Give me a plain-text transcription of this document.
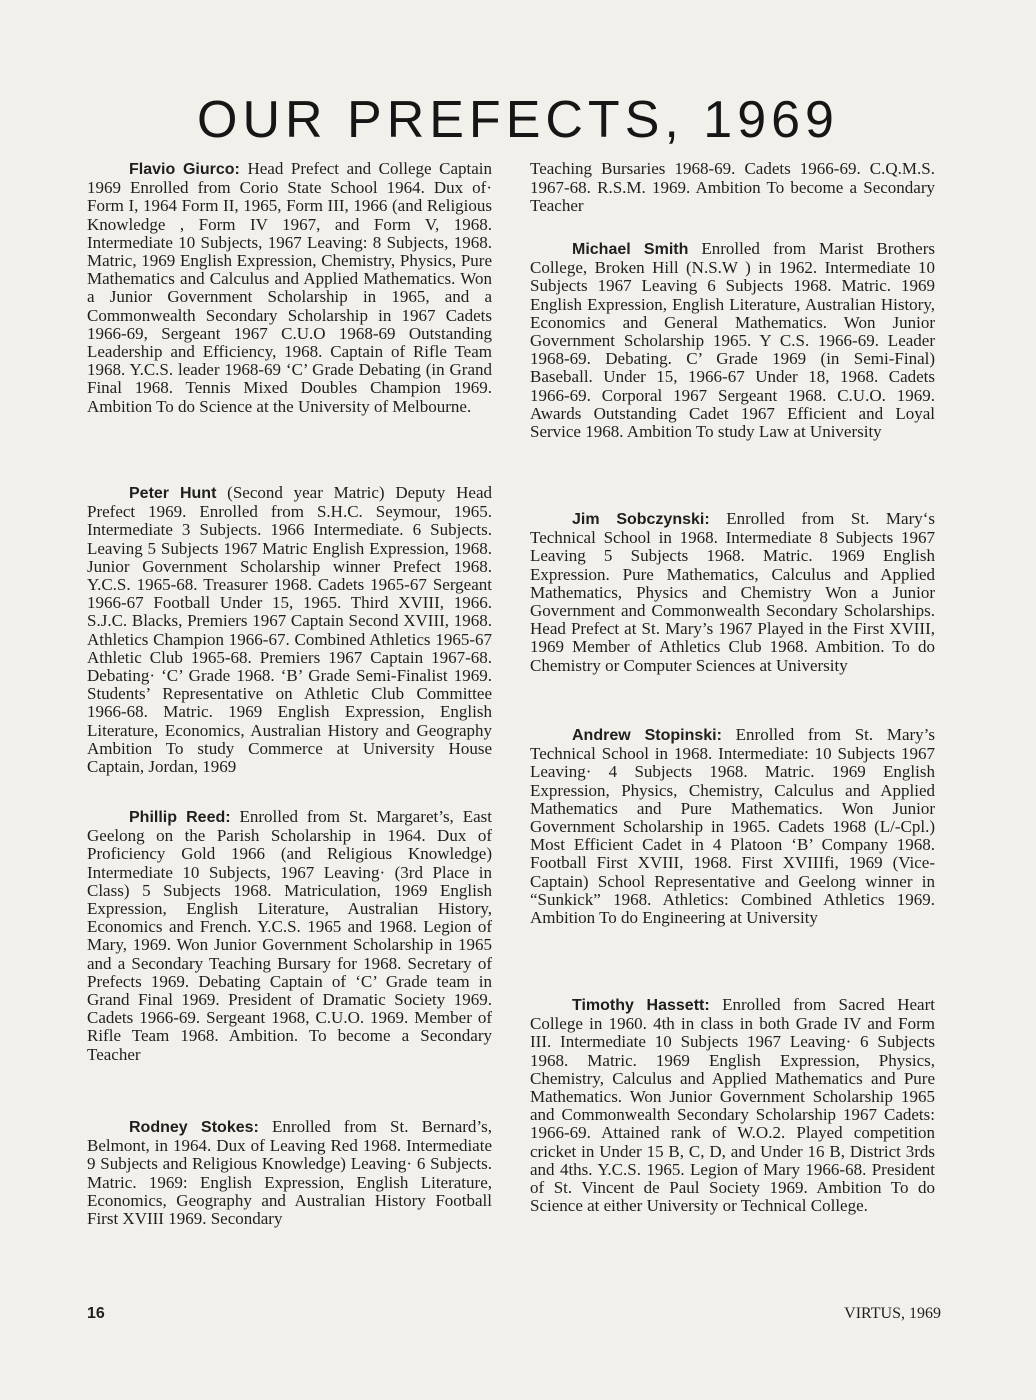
OUR PREFECTS, 1969

Flavio Giurco: Head Prefect and College Captain 1969 Enrolled from Corio State School 1964. Dux of· Form I, 1964 Form II, 1965, Form III, 1966 (and Religious Knowledge , Form IV 1967, and Form V, 1968. Intermediate 10 Subjects, 1967 Leaving: 8 Subjects, 1968. Matric, 1969 English Expression, Chemistry, Physics, Pure Mathematics and Calculus and Applied Mathematics. Won a Junior Government Scholarship in 1965, and a Commonwealth Secondary Scholarship in 1967 Cadets 1966-69, Sergeant 1967 C.U.O 1968-69 Outstanding Leadership and Efficiency, 1968. Captain of Rifle Team 1968. Y.C.S. leader 1968-69 ‘C’ Grade Debating (in Grand Final 1968. Tennis Mixed Doubles Champion 1969. Ambition To do Science at the University of Melbourne.

Peter Hunt (Second year Matric) Deputy Head Prefect 1969. Enrolled from S.H.C. Seymour, 1965. Intermediate 3 Subjects. 1966 Intermediate. 6 Subjects. Leaving 5 Subjects 1967 Matric English Expression, 1968. Junior Government Scholarship winner Prefect 1968. Y.C.S. 1965-68. Treasurer 1968. Cadets 1965-67 Sergeant 1966-67 Football Under 15, 1965. Third XVIII, 1966. S.J.C. Blacks, Premiers 1967 Captain Second XVIII, 1968. Athletics Champion 1966-67. Combined Athletics 1965-67 Athletic Club 1965-68. Premiers 1967 Captain 1967-68. Debating· ‘C’ Grade 1968. ‘B’ Grade Semi-Finalist 1969. Students’ Representative on Athletic Club Committee 1966-68. Matric. 1969 English Expression, English Literature, Economics, Australian History and Geography Ambition To study Commerce at University House Captain, Jordan, 1969

Phillip Reed: Enrolled from St. Margaret’s, East Geelong on the Parish Scholarship in 1964. Dux of Proficiency Gold 1966 (and Religious Knowledge) Intermediate 10 Subjects, 1967 Leaving· (3rd Place in Class) 5 Subjects 1968. Matriculation, 1969 English Expression, English Literature, Australian History, Economics and French. Y.C.S. 1965 and 1968. Legion of Mary, 1969. Won Junior Government Scholarship in 1965 and a Secondary Teaching Bursary for 1968. Secretary of Prefects 1969. Debating Captain of ‘C’ Grade team in Grand Final 1969. President of Dramatic Society 1969. Cadets 1966-69. Sergeant 1968, C.U.O. 1969. Member of Rifle Team 1968. Ambition. To become a Secondary Teacher

Rodney Stokes: Enrolled from St. Bernard’s, Belmont, in 1964. Dux of Leaving Red 1968. Intermediate 9 Subjects and Religious Knowledge) Leaving· 6 Subjects. Matric. 1969: English Expression, English Literature, Economics, Geography and Australian History Football First XVIII 1969. Secondary

Teaching Bursaries 1968-69. Cadets 1966-69. C.Q.M.S. 1967-68. R.S.M. 1969. Ambition To become a Secondary Teacher

Michael Smith Enrolled from Marist Brothers College, Broken Hill (N.S.W ) in 1962. Intermediate 10 Subjects 1967 Leaving 6 Subjects 1968. Matric. 1969 English Expression, English Literature, Australian History, Economics and General Mathematics. Won Junior Government Scholarship 1965. Y C.S. 1966-69. Leader 1968-69. Debating. C’ Grade 1969 (in Semi-Final) Baseball. Under 15, 1966-67 Under 18, 1968. Cadets 1966-69. Corporal 1967 Sergeant 1968. C.U.O. 1969. Awards Outstanding Cadet 1967 Efficient and Loyal Service 1968. Ambition To study Law at University

Jim Sobczynski: Enrolled from St. Mary‘s Technical School in 1968. Intermediate 8 Subjects 1967 Leaving 5 Subjects 1968. Matric. 1969 English Expression. Pure Mathematics, Calculus and Applied Mathematics, Physics and Chemistry Won a Junior Government and Commonwealth Secondary Scholarships. Head Prefect at St. Mary’s 1967 Played in the First XVIII, 1969 Member of Athletics Club 1968. Ambition. To do Chemistry or Computer Sciences at University

Andrew Stopinski: Enrolled from St. Mary’s Technical School in 1968. Intermediate: 10 Subjects 1967 Leaving· 4 Subjects 1968. Matric. 1969 English Expression, Physics, Chemistry, Calculus and Applied Mathematics and Pure Mathematics. Won Junior Government Scholarship in 1965. Cadets 1968 (L/-Cpl.) Most Efficient Cadet in 4 Platoon ‘B’ Company 1968. Football First XVIII, 1968. First XVIIIfi, 1969 (Vice-Captain) School Representative and Geelong winner in “Sunkick” 1968. Athletics: Combined Athletics 1969. Ambition To do Engineering at University

Timothy Hassett: Enrolled from Sacred Heart College in 1960. 4th in class in both Grade IV and Form III. Intermediate 10 Subjects 1967 Leaving· 6 Subjects 1968. Matric. 1969 English Expression, Physics, Chemistry, Calculus and Applied Mathematics and Pure Mathematics. Won Junior Government Scholarship 1965 and Commonwealth Secondary Scholarship 1967 Cadets: 1966-69. Attained rank of W.O.2. Played competition cricket in Under 15 B, C, D, and Under 16 B, District 3rds and 4ths. Y.C.S. 1965. Legion of Mary 1966-68. President of St. Vincent de Paul Society 1969. Ambition To do Science at either University or Technical College.

16	VIRTUS, 1969
